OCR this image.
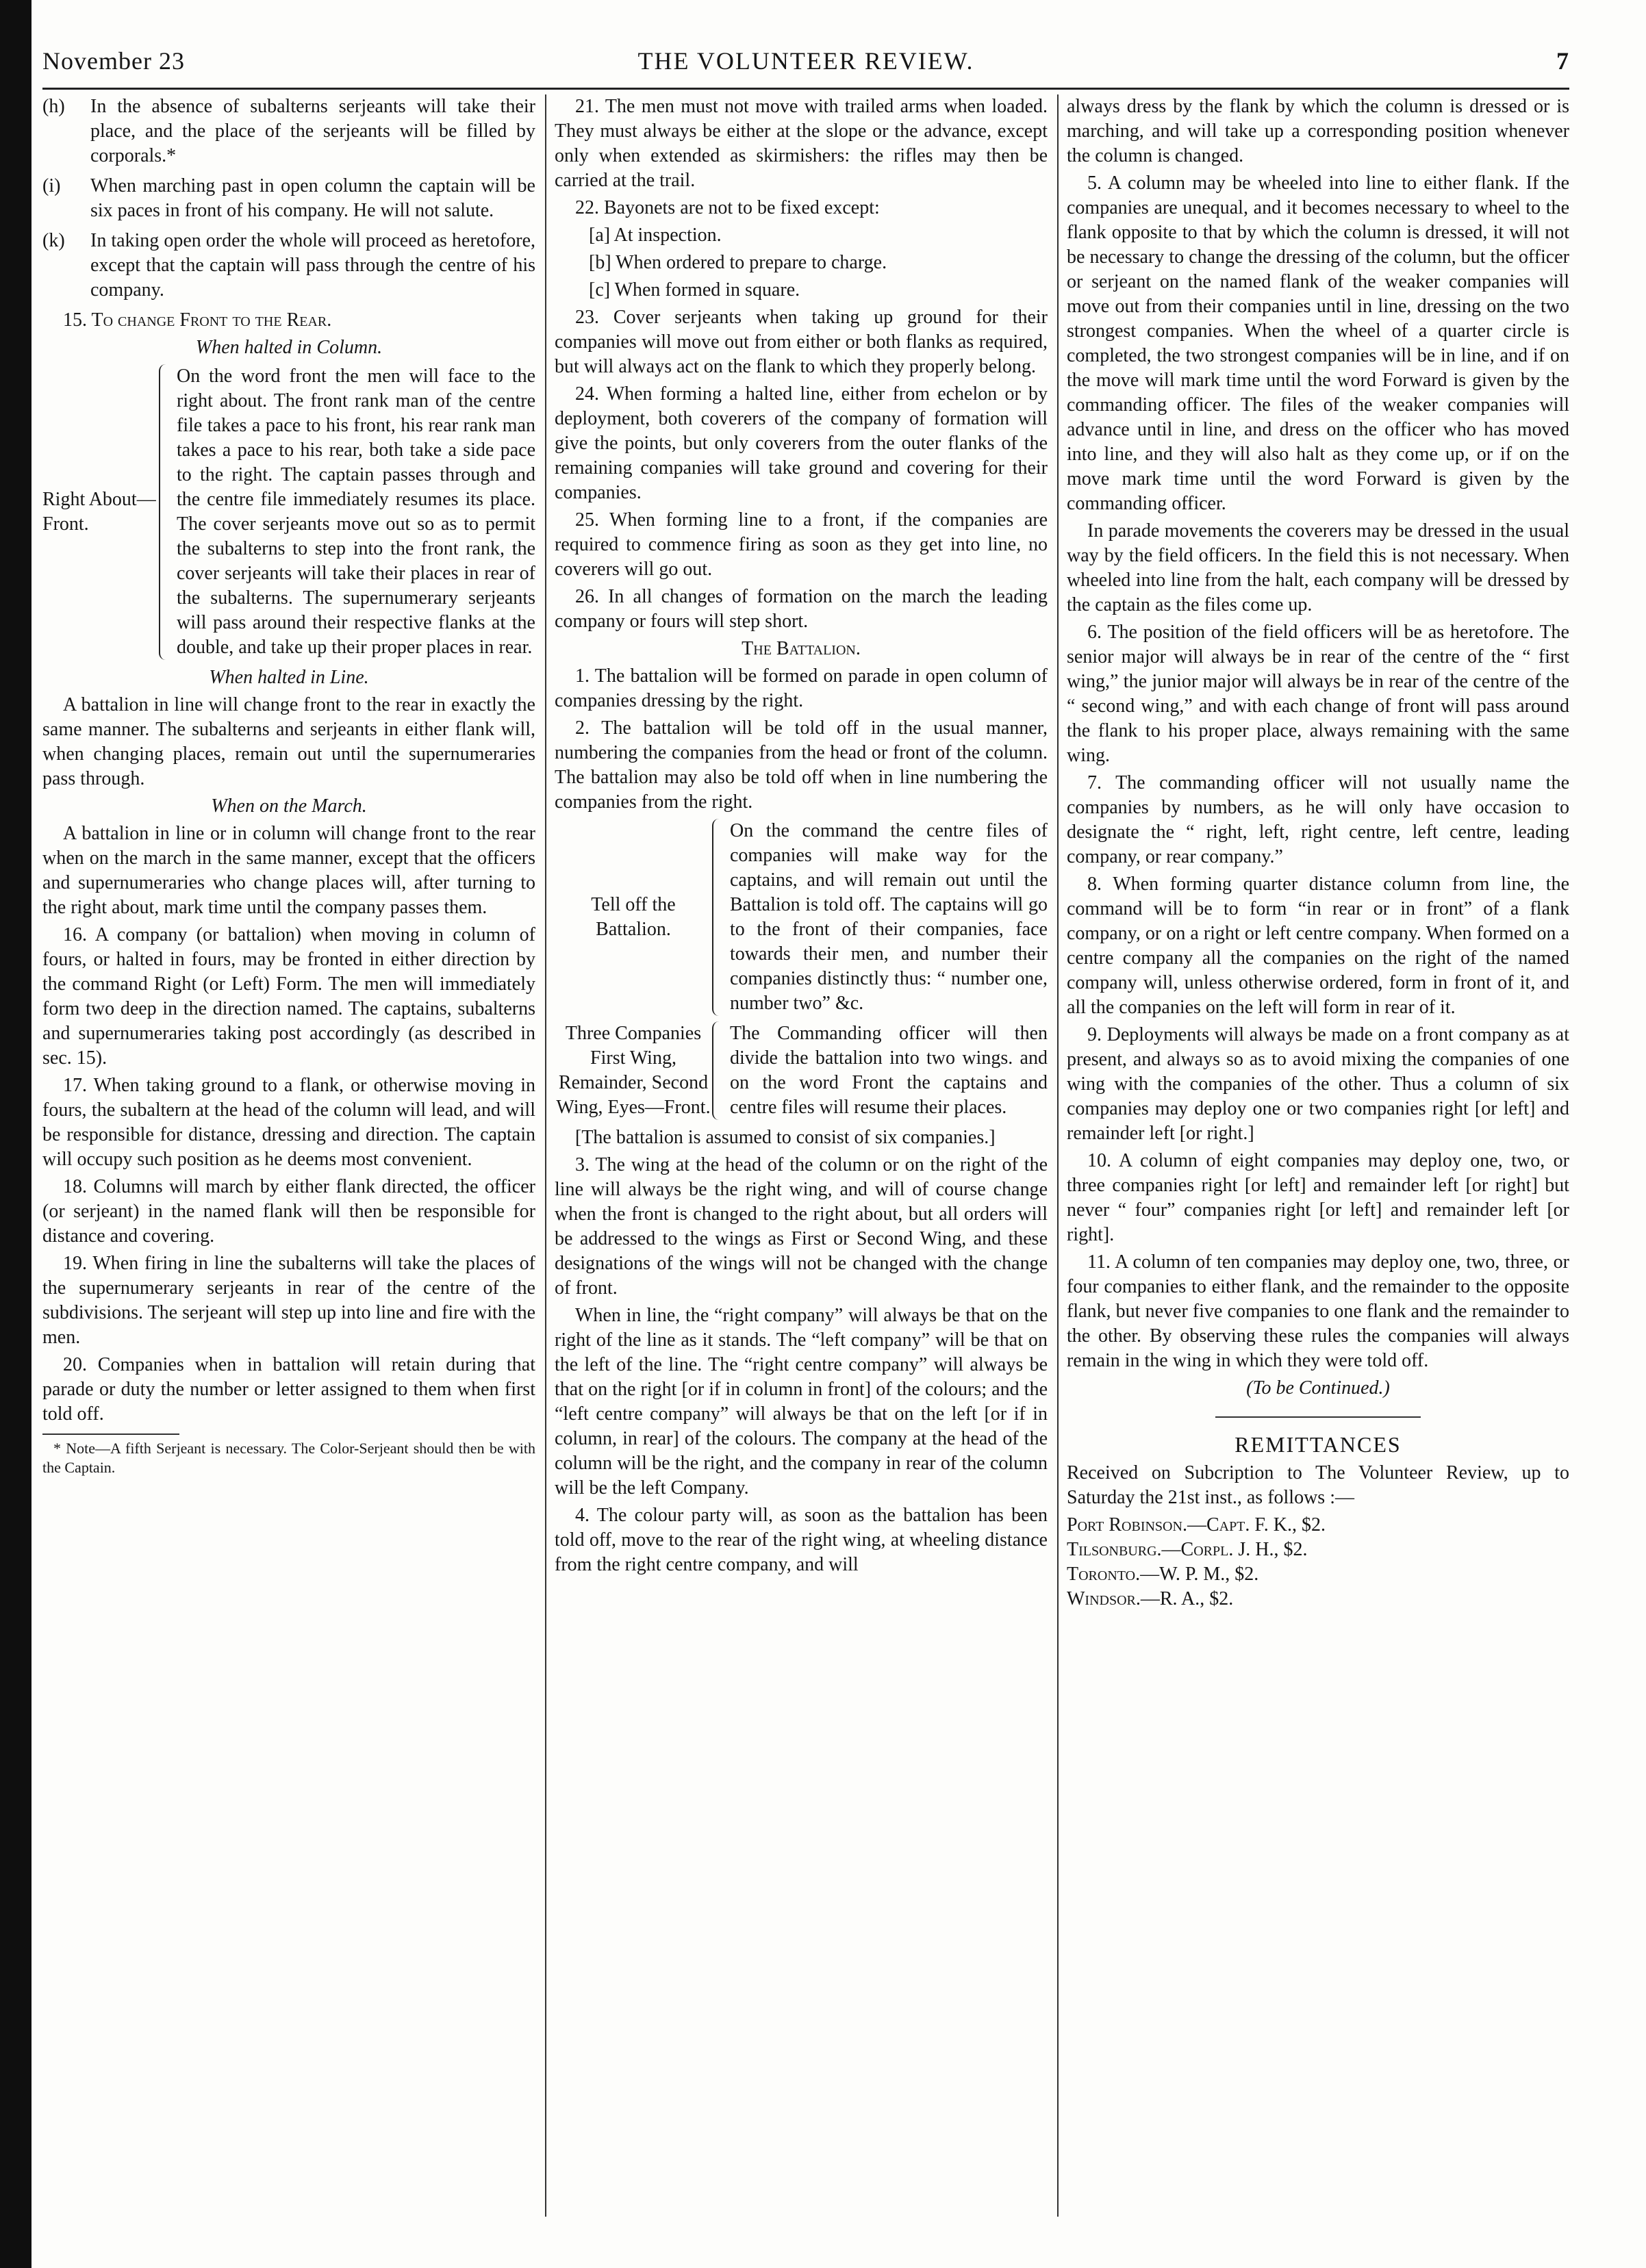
November 23	THE VOLUNTEER REVIEW.	7
(h)	In the absence of subalterns serjeants will take their place, and the place of the serjeants will be filled by corporals.*
(i)	When marching past in open column the captain will be six paces in front of his company. He will not salute.
(k)	In taking open order the whole will proceed as heretofore, except that the captain will pass through the centre of his company.

15. To change Front to the Rear.

When halted in Column.

Right About—Front.
On the word front the men will face to the right about. The front rank man of the centre file takes a pace to his front, his rear rank man takes a pace to his rear, both take a side pace to the right. The captain passes through and the centre file immediately resumes its place. The cover serjeants move out so as to permit the subalterns to step into the front rank, the cover serjeants will take their places in rear of the subalterns. The supernumerary serjeants will pass around their respective flanks at the double, and take up their proper places in rear.

When halted in Line.

A battalion in line will change front to the rear in exactly the same manner. The subalterns and serjeants in either flank will, when changing places, remain out until the supernumeraries pass through.

When on the March.

A battalion in line or in column will change front to the rear when on the march in the same manner, except that the officers and supernumeraries who change places will, after turning to the right about, mark time until the company passes them.

16. A company (or battalion) when moving in column of fours, or halted in fours, may be fronted in either direction by the command Right (or Left) Form. The men will immediately form two deep in the direction named. The captains, subalterns and supernumeraries taking post accordingly (as described in sec. 15).

17. When taking ground to a flank, or otherwise moving in fours, the subaltern at the head of the column will lead, and will be responsible for distance, dressing and direction. The captain will occupy such position as he deems most convenient.

18. Columns will march by either flank directed, the officer (or serjeant) in the named flank will then be responsible for distance and covering.

19. When firing in line the subalterns will take the places of the supernumerary serjeants in rear of the centre of the subdivisions. The serjeant will step up into line and fire with the men.

20. Companies when in battalion will retain during that parade or duty the number or letter assigned to them when first told off.

* Note—A fifth Serjeant is necessary. The Color-Serjeant should then be with the Captain.

21. The men must not move with trailed arms when loaded. They must always be either at the slope or the advance, except only when extended as skirmishers: the rifles may then be carried at the trail.

22. Bayonets are not to be fixed except:

[a] At inspection.

[b] When ordered to prepare to charge.

[c] When formed in square.

23. Cover serjeants when taking up ground for their companies will move out from either or both flanks as required, but will always act on the flank to which they properly belong.

24. When forming a halted line, either from echelon or by deployment, both coverers of the company of formation will give the points, but only coverers from the outer flanks of the remaining companies will take ground and covering for their companies.

25. When forming line to a front, if the companies are required to commence firing as soon as they get into line, no coverers will go out.

26. In all changes of formation on the march the leading company or fours will step short.

The Battalion.

1. The battalion will be formed on parade in open column of companies dressing by the right.

2. The battalion will be told off in the usual manner, numbering the companies from the head or front of the column. The battalion may also be told off when in line numbering the companies from the right.

Tell off the Battalion.
On the command the centre files of companies will make way for the captains, and will remain out until the Battalion is told off. The captains will go to the front of their companies, face towards their men, and number their companies distinctly thus: “ number one, number two” &c.
Three Companies First Wing, Remainder, Second Wing, Eyes—Front.
The Commanding officer will then divide the battalion into two wings. and on the word Front the captains and centre files will resume their places.

[The battalion is assumed to consist of six companies.]

3. The wing at the head of the column or on the right of the line will always be the right wing, and will of course change when the front is changed to the right about, but all orders will be addressed to the wings as First or Second Wing, and these designations of the wings will not be changed with the change of front.

When in line, the “right company” will always be that on the right of the line as it stands. The “left company” will be that on the left of the line. The “right centre company” will always be that on the right [or if in column in front] of the colours; and the “left centre company” will always be that on the left [or if in column, in rear] of the colours. The company at the head of the column will be the right, and the company in rear of the column will be the left Company.

4. The colour party will, as soon as the battalion has been told off, move to the rear of the right wing, at wheeling distance from the right centre company, and will

always dress by the flank by which the column is dressed or is marching, and will take up a corresponding position whenever the column is changed.

5. A column may be wheeled into line to either flank. If the companies are unequal, and it becomes necessary to wheel to the flank opposite to that by which the column is dressed, it will not be necessary to change the dressing of the column, but the officer or serjeant on the named flank of the weaker companies will move out from their companies until in line, dressing on the two strongest companies. When the wheel of a quarter circle is completed, the two strongest companies will be in line, and if on the move will mark time until the word Forward is given by the commanding officer. The files of the weaker companies will advance until in line, and dress on the officer who has moved into line, and they will also halt as they come up, or if on the move mark time until the word Forward is given by the commanding officer.

In parade movements the coverers may be dressed in the usual way by the field officers. In the field this is not necessary. When wheeled into line from the halt, each company will be dressed by the captain as the files come up.

6. The position of the field officers will be as heretofore. The senior major will always be in rear of the centre of the “ first wing,” the junior major will always be in rear of the centre of the “ second wing,” and with each change of front will pass around the flank to his proper place, always remaining with the same wing.

7. The commanding officer will not usually name the companies by numbers, as he will only have occasion to designate the “ right, left, right centre, left centre, leading company, or rear company.”

8. When forming quarter distance column from line, the command will be to form “in rear or in front” of a flank company, or on a right or left centre company. When formed on a centre company all the companies on the right of the named company will, unless otherwise ordered, form in front of it, and all the companies on the left will form in rear of it.

9. Deployments will always be made on a front company as at present, and always so as to avoid mixing the companies of one wing with the companies of the other. Thus a column of six companies may deploy one or two companies right [or left] and remainder left [or right.]

10. A column of eight companies may deploy one, two, or three companies right [or left] and remainder left [or right] but never “ four” companies right [or left] and remainder left [or right].

11. A column of ten companies may deploy one, two, three, or four companies to either flank, and the remainder to the opposite flank, but never five companies to one flank and the remainder to the other. By observing these rules the companies will always remain in the wing in which they were told off.

(To be Continued.)

REMITTANCES

Received on Subcription to The Volunteer Review, up to Saturday the 21st inst., as follows :—

Port Robinson.—Capt. F. K., $2.

Tilsonburg.—Corpl. J. H., $2.

Toronto.—W. P. M., $2.

Windsor.—R. A., $2.
